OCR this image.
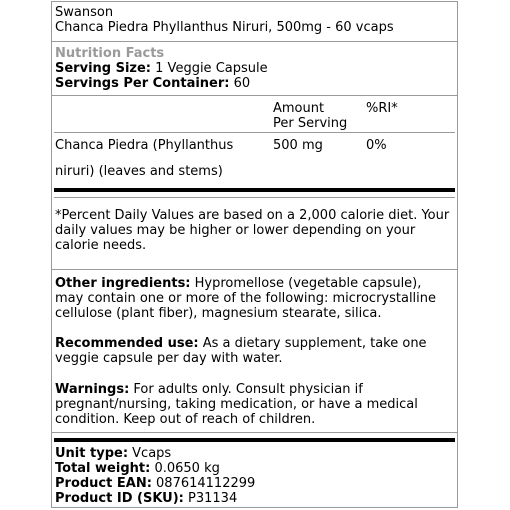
Swanson
Chanca Piedra Phyllanthus Niruri, 500mg - 60 vcaps
Nutrition Facts
Serving Size: 1 Veggie Capsule
Servings Per Container: 60
Amount
Per Serving
%RI*
Chanca Piedra (Phyllanthus	500 mg	0%
niruri) (leaves and stems)
*Percent Daily Values are based on a 2,000 calorie diet. Your daily values may be higher or lower depending on your calorie needs.
Other ingredients: Hypromellose (vegetable capsule), may contain one or more of the following: microcrystalline cellulose (plant fiber), magnesium stearate, silica.
Recommended use: As a dietary supplement, take one veggie capsule per day with water.
Warnings: For adults only. Consult physician if pregnant/nursing, taking medication, or have a medical condition. Keep out of reach of children.
Unit type: Vcaps
Total weight: 0.0650 kg
Product EAN: 087614112299
Product ID (SKU): P31134
